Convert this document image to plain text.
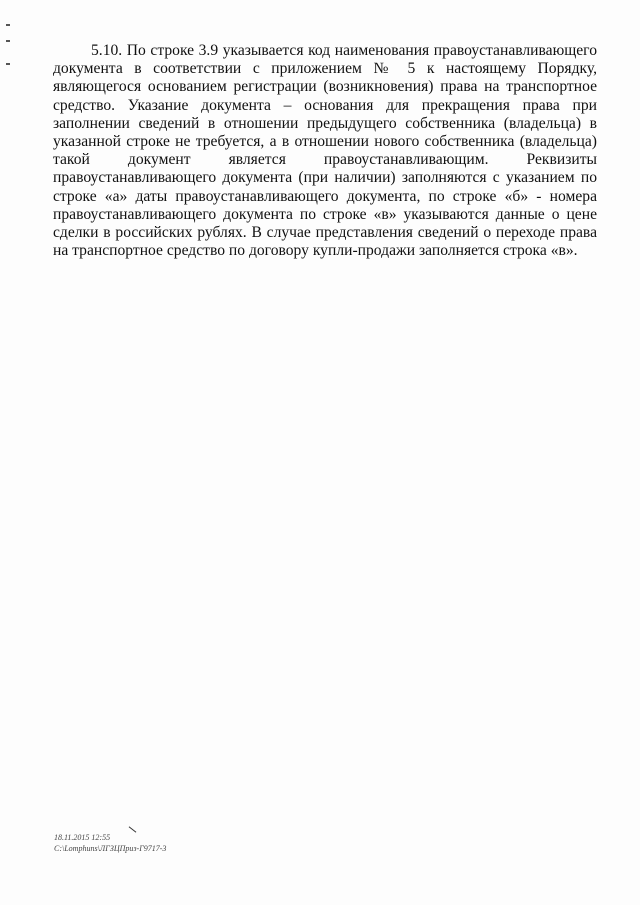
5.10. По строке 3.9 указывается код наименования правоустанавливающего документа в соответствии с приложением № 5 к настоящему Порядку, являющегося основанием регистрации (возникновения) права на транспортное средство. Указание документа – основания для прекращения права при заполнении сведений в отношении предыдущего собственника (владельца) в указанной строке не требуется, а в отношении нового собственника (владельца) такой документ является правоустанавливающим. Реквизиты правоустанавливающего документа (при наличии) заполняются с указанием по строке «а» даты правоустанавливающего документа, по строке «б» - номера правоустанавливающего документа по строке «в» указываются данные о цене сделки в российских рублях. В случае представления сведений о переходе права на транспортное средство по договору купли-продажи заполняется строка «в».

18.11.2015 12:55
C:\Lomphuns\ЛГЗЦПриз-Г9717-3
